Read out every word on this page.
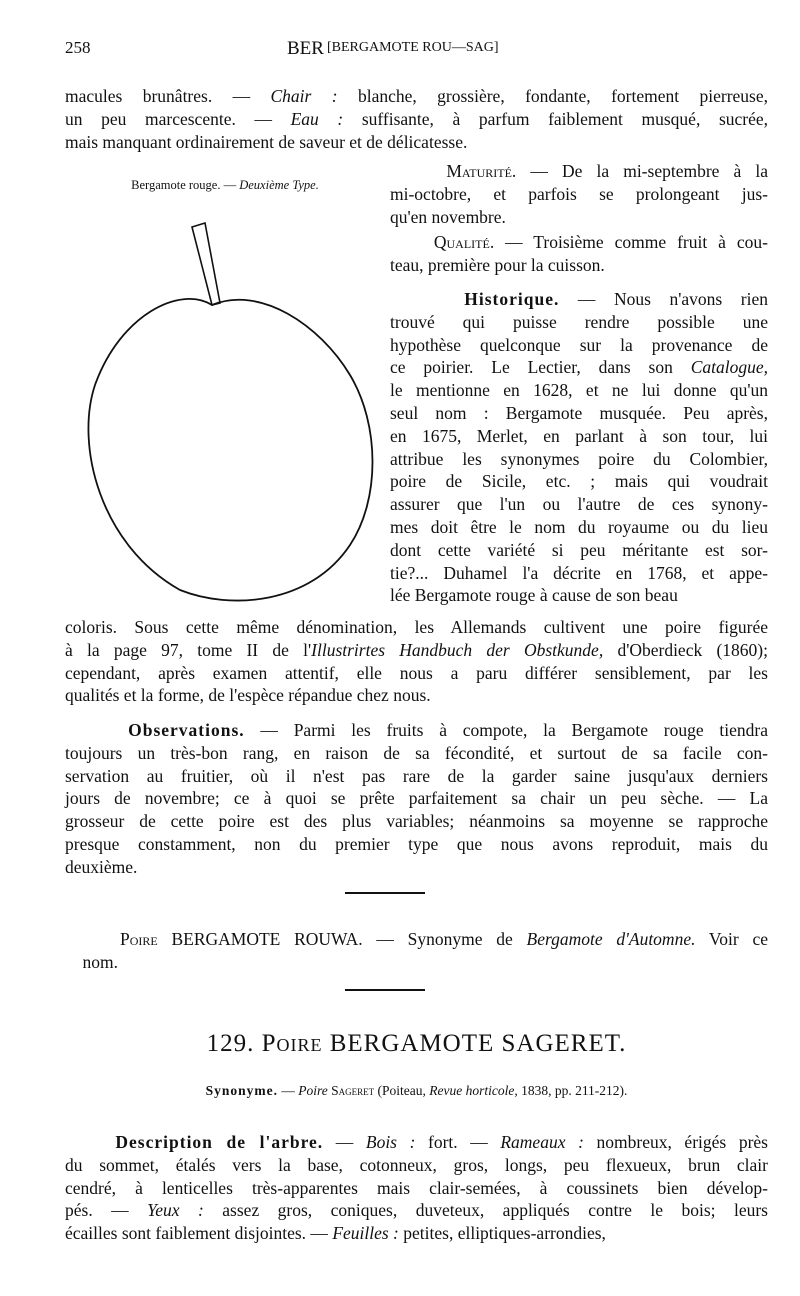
258	BER [BERGAMOTE ROU—SAG]
Bergamote rouge. — Deuxième Type.
macules brunâtres. — Chair : blanche, grossière, fondante, fortement pierreuse,
un peu marcescente. — Eau : suffisante, à parfum faiblement musqué, sucrée,
mais manquant ordinairement de saveur et de délicatesse.
Maturité. — De la mi-septembre à la
mi-octobre, et parfois se prolongeant jus-
qu'en novembre.
Qualité. — Troisième comme fruit à cou-
teau, première pour la cuisson.
Historique. — Nous n'avons rien
trouvé qui puisse rendre possible une
hypothèse quelconque sur la provenance de
ce poirier. Le Lectier, dans son Catalogue,
le mentionne en 1628, et ne lui donne qu'un
seul nom : Bergamote musquée. Peu après,
en 1675, Merlet, en parlant à son tour, lui
attribue les synonymes poire du Colombier,
poire de Sicile, etc. ; mais qui voudrait
assurer que l'un ou l'autre de ces synony-
mes doit être le nom du royaume ou du lieu
dont cette variété si peu méritante est sor-
tie?... Duhamel l'a décrite en 1768, et appe-
lée Bergamote rouge à cause de son beau
coloris. Sous cette même dénomination, les Allemands cultivent une poire figurée
à la page 97, tome II de l'Illustrirtes Handbuch der Obstkunde, d'Oberdieck (1860);
cependant, après examen attentif, elle nous a paru différer sensiblement, par les
qualités et la forme, de l'espèce répandue chez nous.
Observations. — Parmi les fruits à compote, la Bergamote rouge tiendra
toujours un très-bon rang, en raison de sa fécondité, et surtout de sa facile con-
servation au fruitier, où il n'est pas rare de la garder saine jusqu'aux derniers
jours de novembre; ce à quoi se prête parfaitement sa chair un peu sèche. — La
grosseur de cette poire est des plus variables; néanmoins sa moyenne se rapproche
presque constamment, non du premier type que nous avons reproduit, mais du
deuxième.
Poire BERGAMOTE ROUWA. — Synonyme de Bergamote d'Automne. Voir ce
nom.
129. Poire BERGAMOTE SAGERET.
Synonyme. — Poire Sageret (Poiteau, Revue horticole, 1838, pp. 211-212).
Description de l'arbre. — Bois : fort. — Rameaux : nombreux, érigés près
du sommet, étalés vers la base, cotonneux, gros, longs, peu flexueux, brun clair
cendré, à lenticelles très-apparentes mais clair-semées, à coussinets bien dévelop-
pés. — Yeux : assez gros, coniques, duveteux, appliqués contre le bois; leurs
écailles sont faiblement disjointes. — Feuilles : petites, elliptiques-arrondies,
